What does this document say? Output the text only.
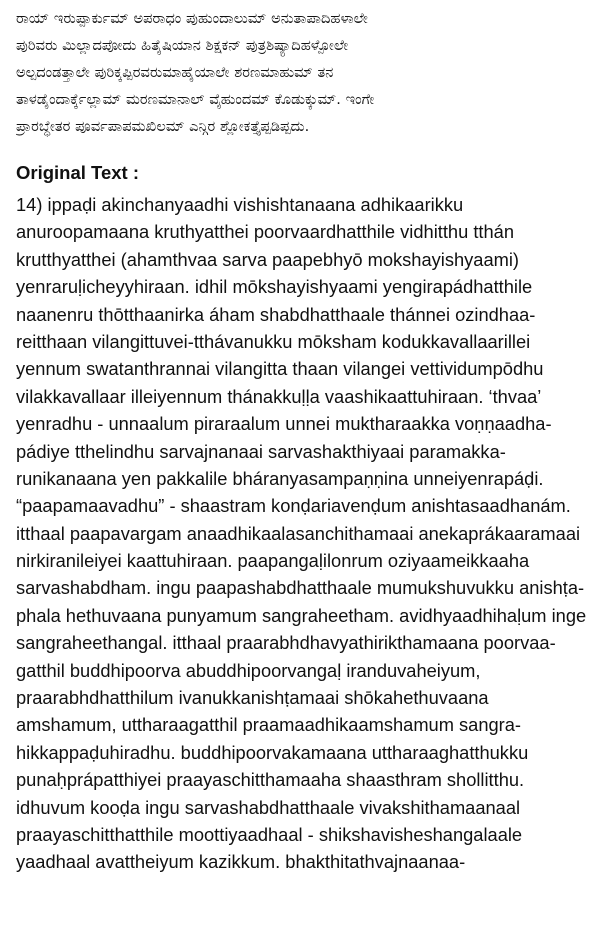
ರಾಯ್ ಇರುಪ್ಪಾರ್ಕುಮ್ ಅಪರಾಧಂ ಪುಹುಂದಾಲುಮ್ ಅನುತಾಪಾದಿಹಳಾಲೇ
ಪುರಿವರು ಮಿಲ್ಲಾದಪೋದು ಹಿತೈಷಿಯಾನ ಶಿಕ್ಷಕನ್ ಪುತ್ರಶಿಷ್ಯಾದಿಹಳ್ಪೋಲೇ
ಅಲ್ಪದಂಡತ್ತಾಲೇ ಪುರಿಕ್ಕಪ್ಪಿರವರುಮಾಹೈಯಾಲೇ ಶರಣಮಾಹುಮ್ ತನ
ತಾಳಡೈಂದಾರ್ಕ್ಕೆಲ್ಲಾಮ್ ಮರಣಮಾನಾಲ್ ವೈಹುಂದಮ್ ಕೊಡುಕ್ಕುಮ್. ಇಂಗೇ
ಪ್ರಾರಬ್ಧೇತರ ಪೂರ್ವಪಾಪಮಖಿಲಮ್ ಎನ್ಗಿರ ಶ್ಲೋಕತ್ತೈಪ್ಪಡಿಪ್ಪದು.
Original Text :
14) ippaḍi akinchanyaadhi vishishtanaana adhikaarikku
anuroopamaana kruthyatthei poorvaardhatthile vidhitthu tthán
krutthyatthei (ahamthvaa sarva paapebhyō mokshayishyaami)
yenraruḷicheyyhiraan. idhil mōkshayishyaami yengirapádhatthile
naanenru thōtthaanirka áham shabdhatthaale thánnei ozindhaa-
reitthaan vilangittuvei-tthávanukku mōksham kodukkavallaarillei
yennum swatanthrannai vilangitta thaan vilangei vettividumpōdhu
vilakkavallaar illeiyennum thánakkuḷḷa vaashikaattuhiraan. ‘thvaa’
yenradhu - unnaalum piraraalum unnei muktharaakka voṇṇaadha-
pádiye tthelindhu sarvajnanaai sarvashakthiyaai paramakka-
runikanaana yen pakkalile bháranyasampaṇṇina unneiyenrapáḍi.
“paapamaavadhu” - shaastram konḍariavenḍum anishtasaadhanám.
itthaal paapavargam anaadhikaalasanchithamaai anekaprákaaramaai
nirkiranileiyei kaattuhiraan. paapangaḷilonrum oziyaameikkaaha
sarvashabdham. ingu paapashabdhatthaale mumukshuvukku anishṭa-
phala hethuvaana punyamum sangraheetham. avidhyaadhihaḷum inge
sangraheethangal. itthaal praarabhdhavyathirikthamaana poorvaa-
gatthil buddhipoorva abuddhipoorvangaḷ iranduvaheiyum,
praarabhdhatthilum ivanukkanishṭamaai shōkahethuvaana
amshamum, uttharaagatthil praamaadhikaamshamum sangra-
hikkappaḍuhiradhu. buddhipoorvakamaana uttharaaghatthukku
punaḥprápatthiyei praayaschitthamaaha shaasthram shollitthu.
idhuvum kooḍa ingu sarvashabdhatthaale vivakshithamaanaal
praayaschitthatthile moottiyaadhaal - shikshavisheshangalaale
yaadhaal avattheiyum kazikkum. bhakthitathvajnaanaa-
